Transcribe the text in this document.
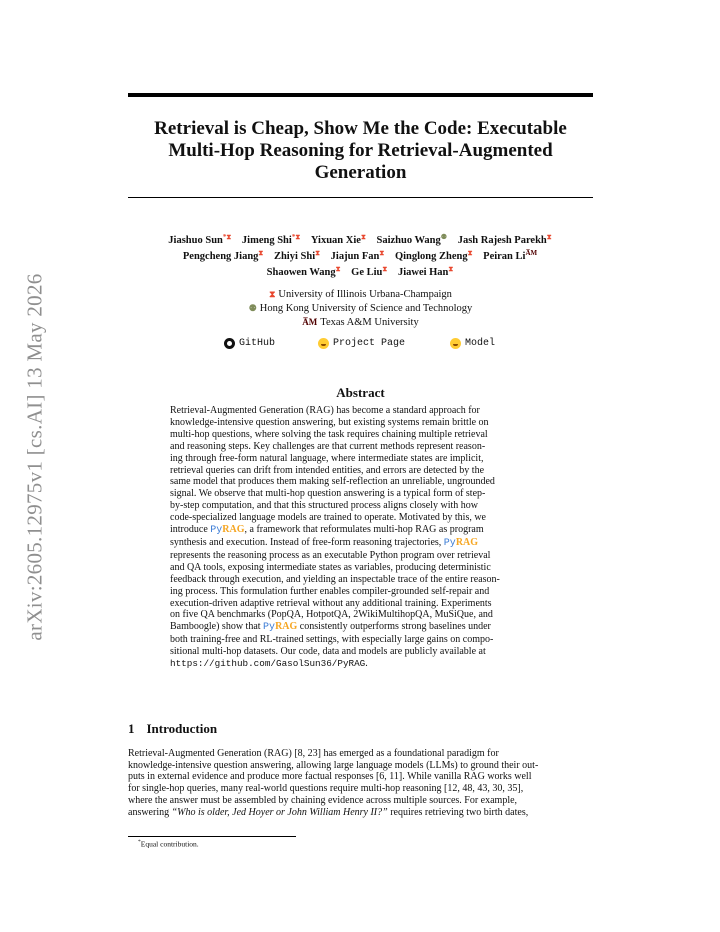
arXiv:2605.12975v1 [cs.AI] 13 May 2026
Retrieval is Cheap, Show Me the Code: Executable
Multi-Hop Reasoning for Retrieval-Augmented
Generation
Jiashuo Sun*⧗ Jimeng Shi*⧗ Yixuan Xie⧗ Saizhuo Wang⚉ Jash Rajesh Parekh⧗
Pengcheng Jiang⧗ Zhiyi Shi⧗ Jiajun Fan⧗ Qinglong Zheng⧗ Peiran $Li^{A̅M}$
Shaowen Wang⧗ Ge Liu⧗ Jiawei Han⧗
⧗ University of Illinois Urbana-Champaign
⚉ Hong Kong University of Science and Technology
A̅M Texas A&M University
GitHub	Project Page	Model
Abstract
Retrieval-Augmented Generation (RAG) has become a standard approach for
knowledge-intensive question answering, but existing systems remain brittle on
multi-hop questions, where solving the task requires chaining multiple retrieval
and reasoning steps. Key challenges are that current methods represent reason-
ing through free-form natural language, where intermediate states are implicit,
retrieval queries can drift from intended entities, and errors are detected by the
same model that produces them making self-reflection an unreliable, ungrounded
signal. We observe that multi-hop question answering is a typical form of step-
by-step computation, and that this structured process aligns closely with how
code-specialized language models are trained to operate. Motivated by this, we
introduce PyRAG, a framework that reformulates multi-hop RAG as program
synthesis and execution. Instead of free-form reasoning trajectories, PyRAG
represents the reasoning process as an executable Python program over retrieval
and QA tools, exposing intermediate states as variables, producing deterministic
feedback through execution, and yielding an inspectable trace of the entire reason-
ing process. This formulation further enables compiler-grounded self-repair and
execution-driven adaptive retrieval without any additional training. Experiments
on five QA benchmarks (PopQA, HotpotQA, 2WikiMultihopQA, MuSiQue, and
Bamboogle) show that PyRAG consistently outperforms strong baselines under
both training-free and RL-trained settings, with especially large gains on compo-
sitional multi-hop datasets. Our code, data and models are publicly available at
https://github.com/GasolSun36/PyRAG.
1 Introduction
Retrieval-Augmented Generation (RAG) [8, 23] has emerged as a foundational paradigm for
knowledge-intensive question answering, allowing large language models (LLMs) to ground their out-
puts in external evidence and produce more factual responses [6, 11]. While vanilla RAG works well
for single-hop queries, many real-world questions require multi-hop reasoning [12, 48, 43, 30, 35],
where the answer must be assembled by chaining evidence across multiple sources. For example,
answering “Who is older, Jed Hoyer or John William Henry II?” requires retrieving two birth dates,
*Equal contribution.
